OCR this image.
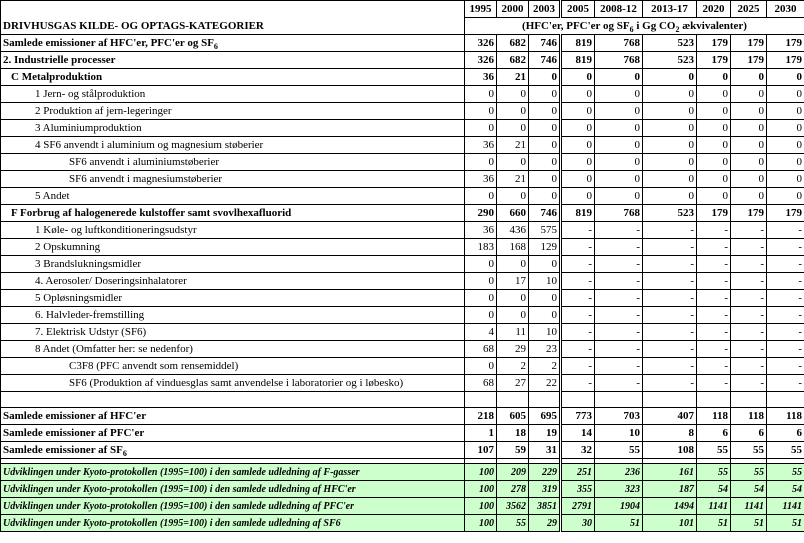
DRIVHUSGAS KILDE- OG OPTAGS-KATEGORIER	1995	2000	2003	2005	2008-12	2013-17	2020	2025	2030
	(HFC'er, PFC'er og $SF_6$ i Gg $CO_2$ ækvivalenter)								
Samlede emissioner af HFC'er, PFC'er og $SF_6$	326	682	746	819	768	523	179	179	179
2. Industrielle processer	326	682	746	819	768	523	179	179	179
C Metalproduktion	36	21	0	0	0	0	0	0	0
1 Jern- og stålproduktion	0	0	0	0	0	0	0	0	0
2 Produktion af jern-legeringer	0	0	0	0	0	0	0	0	0
3 Aluminiumproduktion	0	0	0	0	0	0	0	0	0
4 SF6 anvendt i aluminium og magnesium støberier	36	21	0	0	0	0	0	0	0
SF6 anvendt i aluminiumstøberier	0	0	0	0	0	0	0	0	0
SF6 anvendt i magnesiumstøberier	36	21	0	0	0	0	0	0	0
5 Andet	0	0	0	0	0	0	0	0	0
F Forbrug af halogenerede kulstoffer samt svovlhexafluorid	290	660	746	819	768	523	179	179	179
1 Køle- og luftkonditioneringsudstyr	36	436	575	-	-	-	-	-	-
2 Opskumning	183	168	129	-	-	-	-	-	-
3 Brandslukningsmidler	0	0	0	-	-	-	-	-	-
4. Aerosoler/ Doseringsinhalatorer	0	17	10	-	-	-	-	-	-
5 Opløsningsmidler	0	0	0	-	-	-	-	-	-
6. Halvleder-fremstilling	0	0	0	-	-	-	-	-	-
7. Elektrisk Udstyr (SF6)	4	11	10	-	-	-	-	-	-
8 Andet (Omfatter her: se nedenfor)	68	29	23	-	-	-	-	-	-
C3F8 (PFC anvendt som rensemiddel)	0	2	2	-	-	-	-	-	-
SF6 (Produktion af vinduesglas samt anvendelse i laboratorier og i løbesko)	68	27	22	-	-	-	-	-	-

Samlede emissioner af HFC'er	218	605	695	773	703	407	118	118	118
Samlede emissioner af PFC'er	1	18	19	14	10	8	6	6	6
Samlede emissioner af $SF_6$	107	59	31	32	55	108	55	55	55

Udviklingen under Kyoto-protokollen (1995=100) i den samlede udledning af F-gasser	100	209	229	251	236	161	55	55	55
Udviklingen under Kyoto-protokollen (1995=100) i den samlede udledning af HFC'er	100	278	319	355	323	187	54	54	54
Udviklingen under Kyoto-protokollen (1995=100) i den samlede udledning af PFC'er	100	3562	3851	2791	1904	1494	1141	1141	1141
Udviklingen under Kyoto-protokollen (1995=100) i den samlede udledning af SF6	100	55	29	30	51	101	51	51	51
